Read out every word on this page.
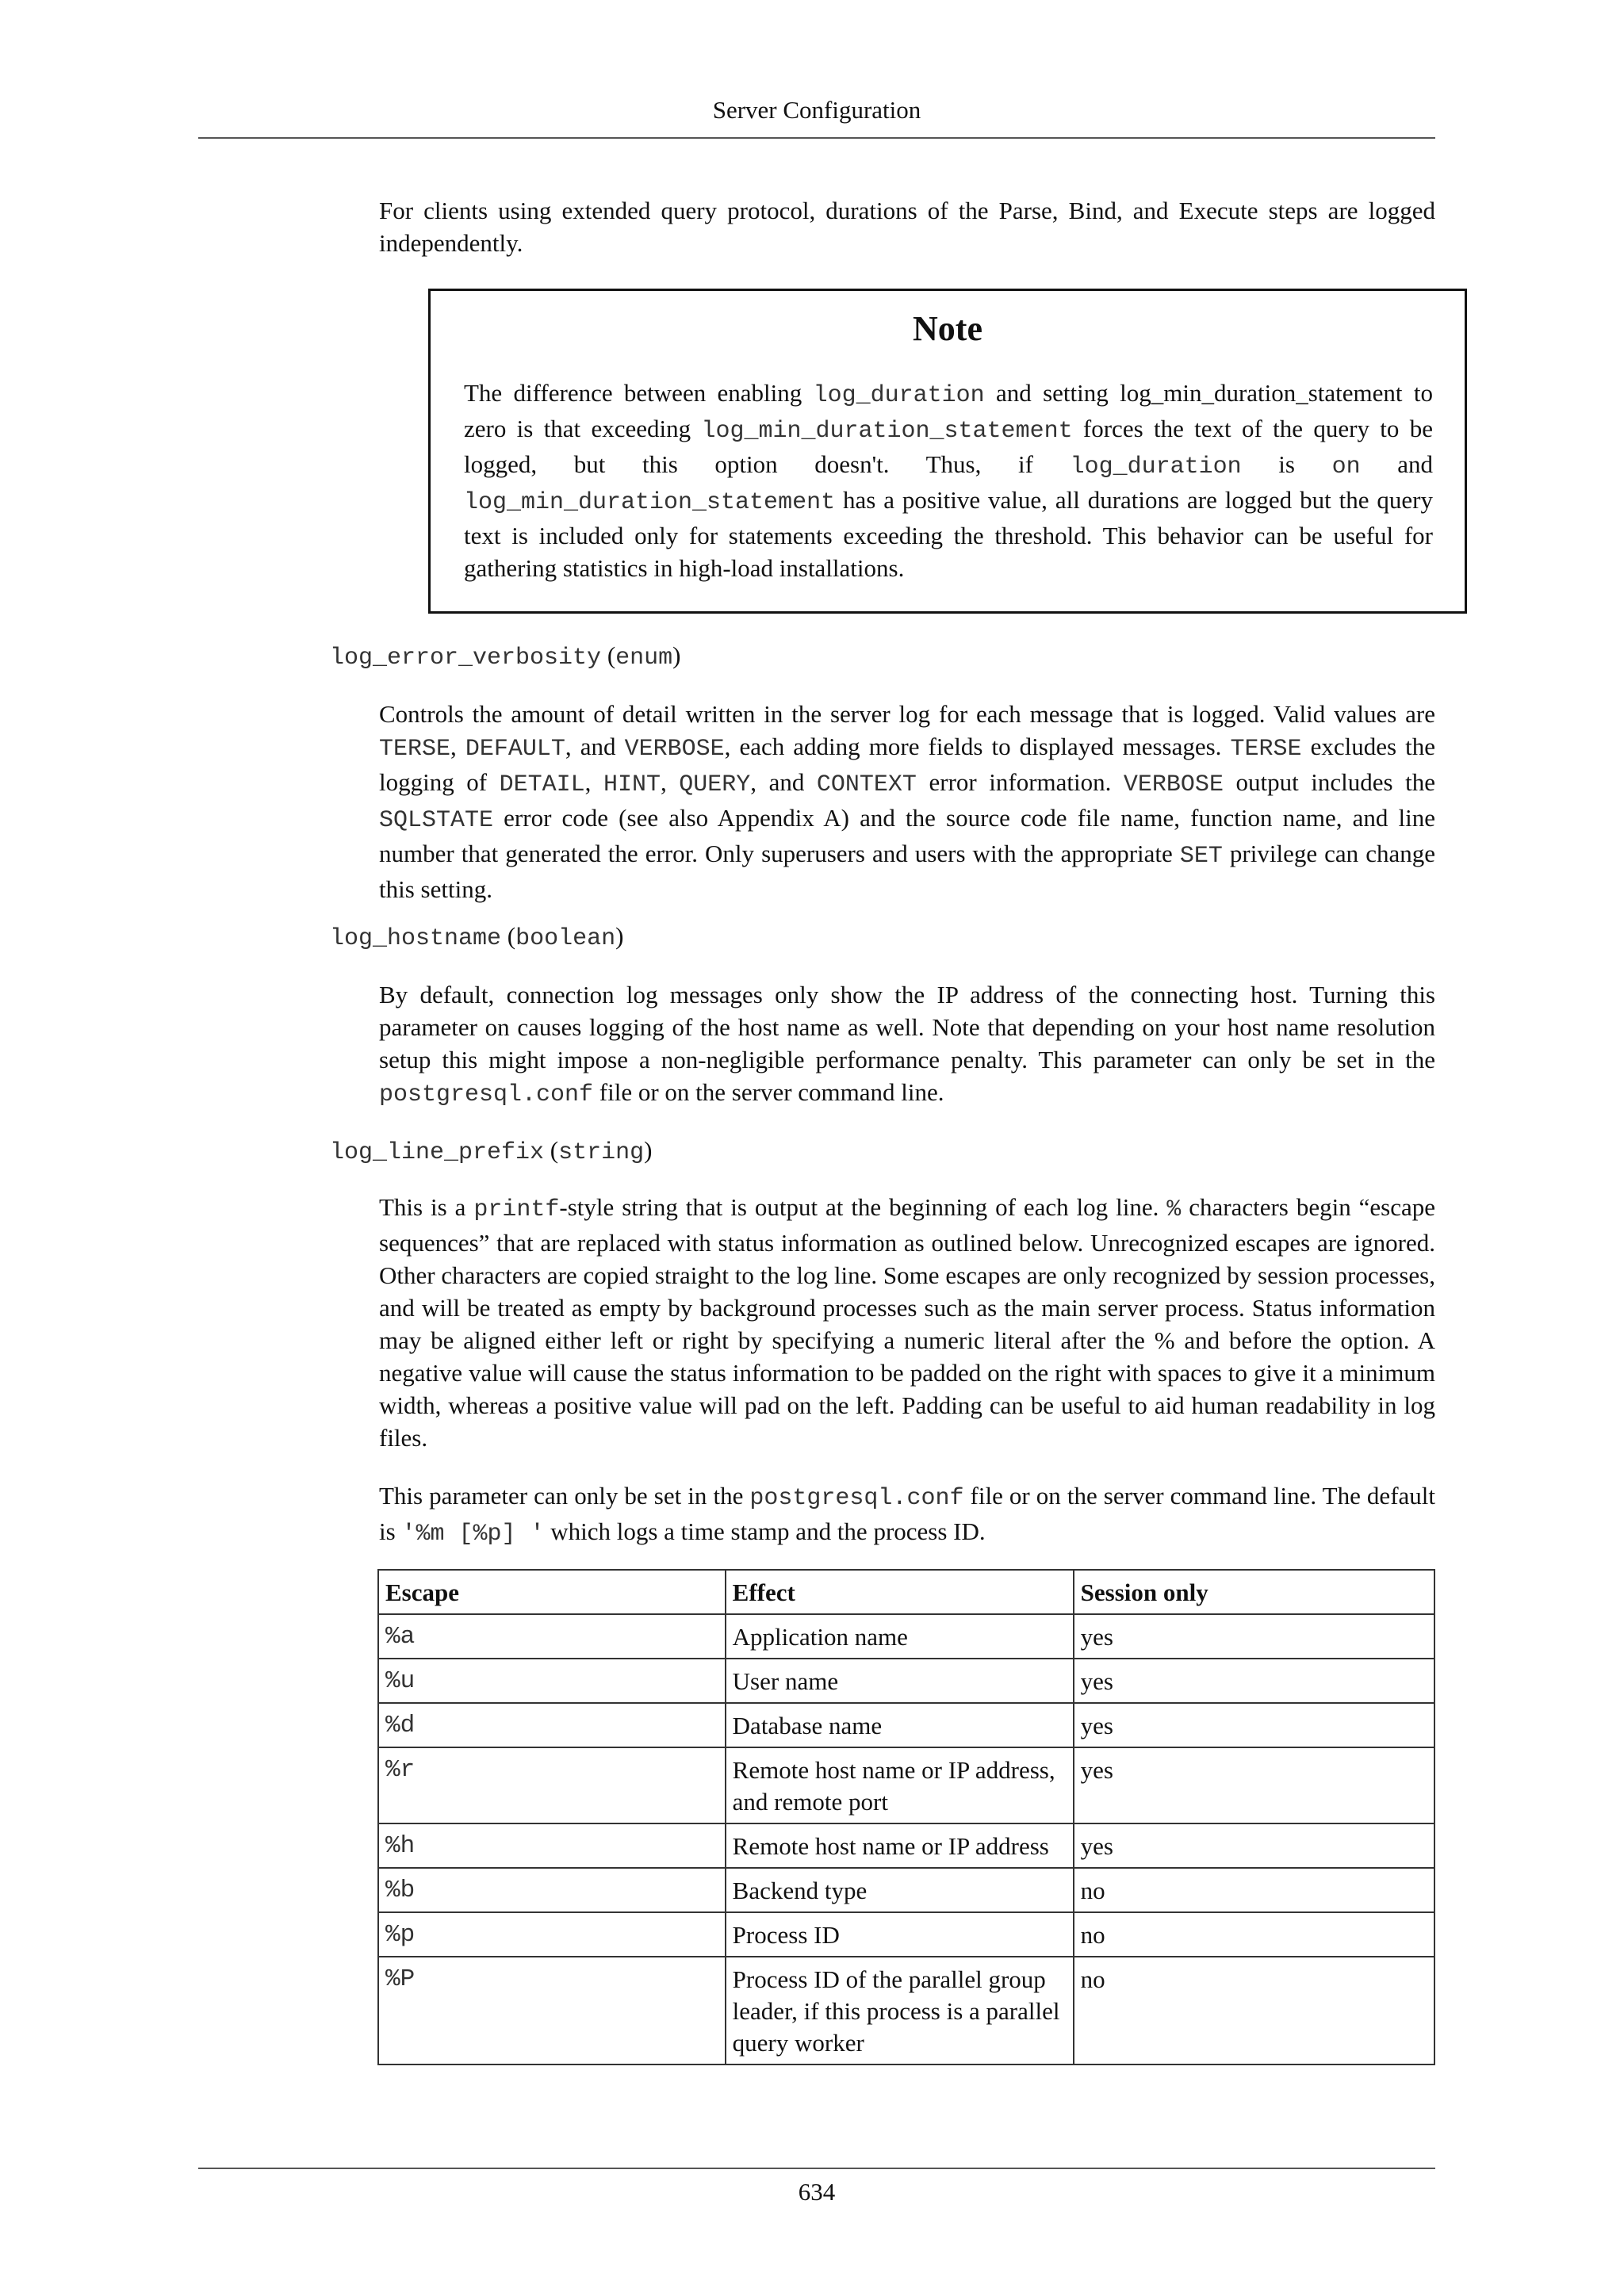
Server Configuration

For clients using extended query protocol, durations of the Parse, Bind, and Execute steps are logged independently.

Note

The difference between enabling log_duration and setting log_min_duration_statement to zero is that exceeding log_min_duration_statement forces the text of the query to be logged, but this option doesn't. Thus, if log_duration is on and log_min_duration_statement has a positive value, all durations are logged but the query text is included only for statements exceeding the threshold. This behavior can be useful for gathering statistics in high-load installations.

log_error_verbosity (enum)

Controls the amount of detail written in the server log for each message that is logged. Valid values are TERSE, DEFAULT, and VERBOSE, each adding more fields to displayed messages. TERSE excludes the logging of DETAIL, HINT, QUERY, and CONTEXT error information. VERBOSE output includes the SQLSTATE error code (see also Appendix A) and the source code file name, function name, and line number that generated the error. Only superusers and users with the appropriate SET privilege can change this setting.

log_hostname (boolean)

By default, connection log messages only show the IP address of the connecting host. Turning this parameter on causes logging of the host name as well. Note that depending on your host name resolution setup this might impose a non-negligible performance penalty. This parameter can only be set in the postgresql.conf file or on the server command line.

log_line_prefix (string)

This is a printf-style string that is output at the beginning of each log line. % characters begin “escape sequences” that are replaced with status information as outlined below. Unrecognized escapes are ignored. Other characters are copied straight to the log line. Some escapes are only recognized by session processes, and will be treated as empty by background processes such as the main server process. Status information may be aligned either left or right by specifying a numeric literal after the % and before the option. A negative value will cause the status information to be padded on the right with spaces to give it a minimum width, whereas a positive value will pad on the left. Padding can be useful to aid human readability in log files.

This parameter can only be set in the postgresql.conf file or on the server command line. The default is '%m [%p] ' which logs a time stamp and the process ID.

Escape	Effect	Session only
%a	Application name	yes
%u	User name	yes
%d	Database name	yes
%r	Remote host name or IP address, and remote port	yes
%h	Remote host name or IP address	yes
%b	Backend type	no
%p	Process ID	no
%P	Process ID of the parallel group leader, if this process is a parallel query worker	no
634
